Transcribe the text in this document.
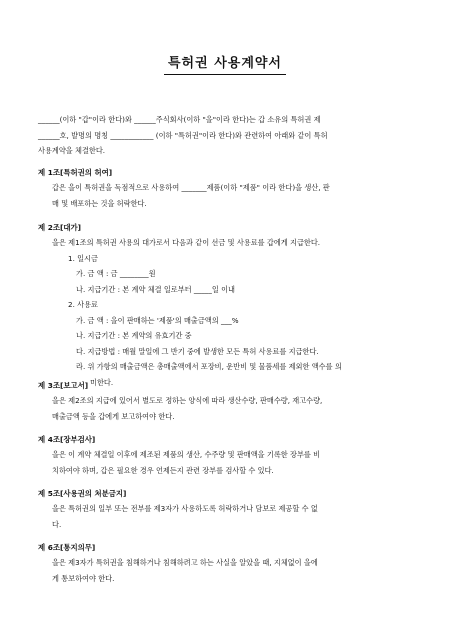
특허권 사용계약서
______(이하 "갑"이라 한다)와 ______주식회사(이하 "을"이라 한다)는 갑 소유의 특허권 제
______호, 발명의 명칭 ____________ (이하 "특허권"이라 한다)와 관련하여 아래와 같이 특허
사용계약을 체결한다.
제 1조[특허권의 허여]
갑은 을이 특허권을 독점적으로 사용하여 _______제품(이하 "제품" 이라 한다)을 생산, 판
매 및 배포하는 것을 허락한다.
제 2조[대가]
을은 제1조의 특허권 사용의 대가로서 다음과 같이 선금 및 사용료를 갑에게 지급한다.
1. 일시금
가. 금 액 : 금 ________원
나. 지급기간 : 본 계약 체결 일로부터 _____일 이내
2. 사용료
가. 금 액 : 을이 판매하는 '제품'의 매출금액의 ___%
나. 지급기간 : 본 계약의 유효기간 중
다. 지급방법 : 매월 말일에 그 반기 중에 발생한 모든 특허 사용료를 지급한다.
라. 위 가항의 매출금액은 총매출액에서 포장비, 운반비 및 물품세를 제외한 액수를 의
미한다.
제 3조[보고서]
을은 제2조의 지급에 있어서 별도로 정하는 양식에 따라 생산수량, 판매수량, 재고수량,
매출금액 등을 갑에게 보고하여야 한다.
제 4조[장부검사]
을은 이 계약 체결일 이후에 제조된 제품의 생산, 수주량 및 판매액을 기록한 장부를 비
치하여야 하며, 갑은 필요한 경우 언제든지 관련 장부를 검사할 수 있다.
제 5조[사용권의 처분금지]
을은 특허권의 일부 또는 전부를 제3자가 사용하도록 허락하거나 담보로 제공할 수 없
다.
제 6조[통지의무]
을은 제3자가 특허권을 침해하거나 침해하려고 하는 사실을 알았을 때, 지체없이 을에
게 통보하여야 한다.
